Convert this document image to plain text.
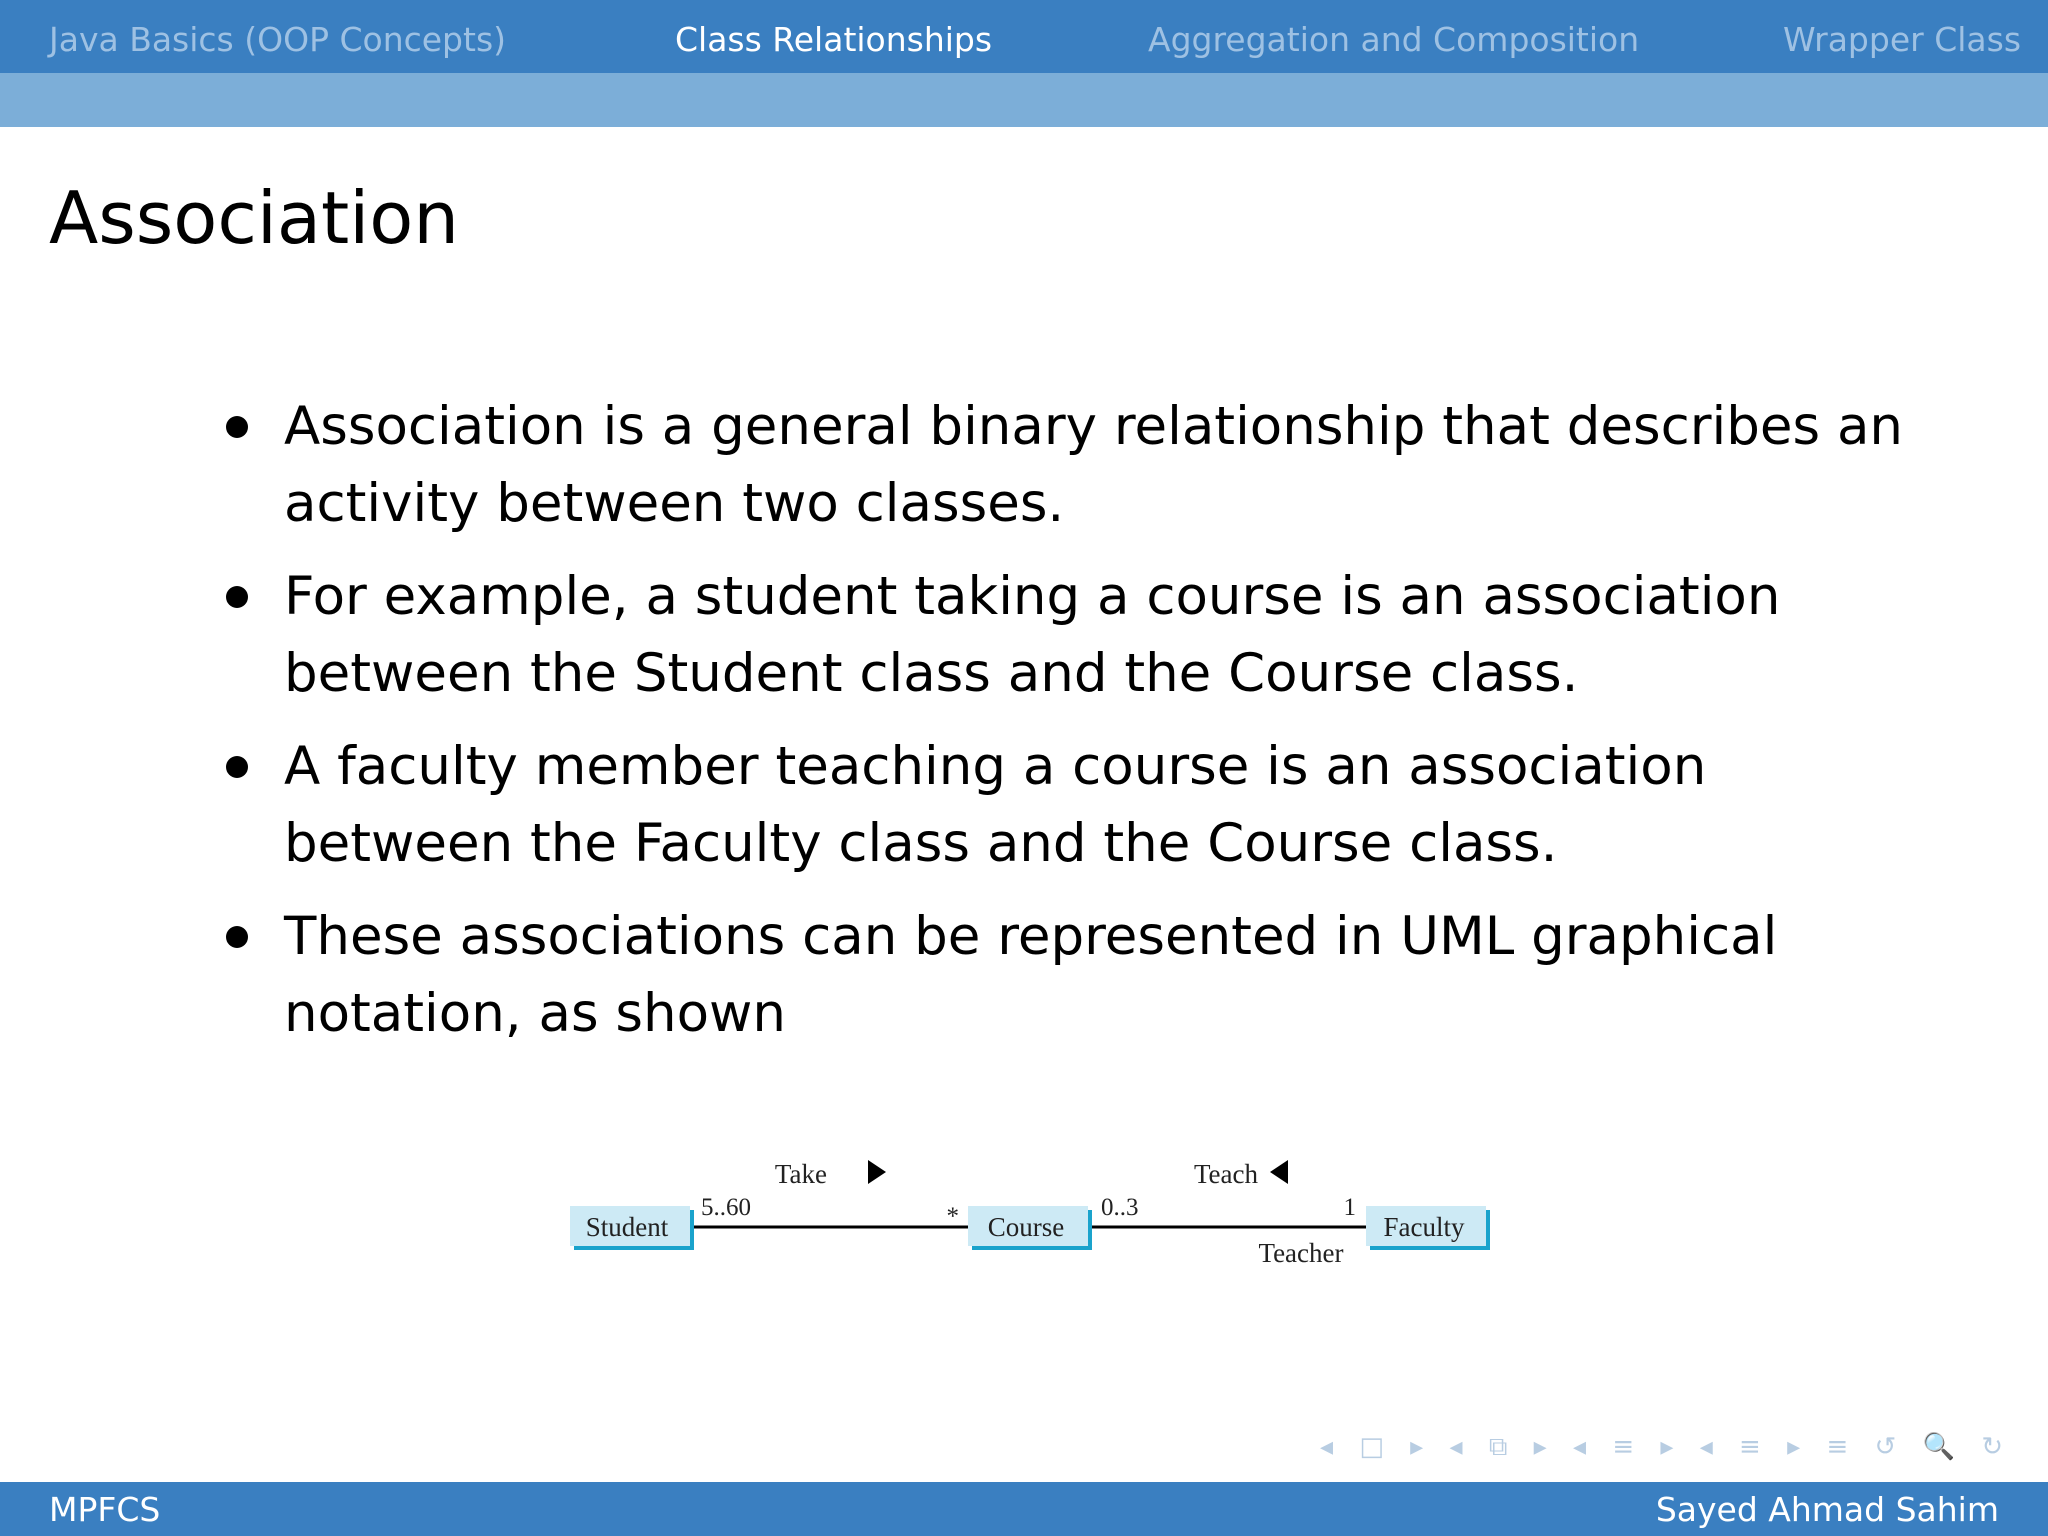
Java Basics (OOP Concepts)	Class Relationships	Aggregation and Composition	Wrapper Class
Association
Association is a general binary relationship that describes an activity between two classes.
For example, a student taking a course is an association between the Student class and the Course class.
A faculty member teaching a course is an association between the Faculty class and the Course class.
These associations can be represented in UML graphical notation, as shown
Student	Course	Faculty
Take
5..60	*
Teach
0..3	1
Teacher
◂ □ ▸ ◂ ⧉ ▸ ◂ ≡ ▸ ◂ ≡ ▸ ≡ ↺ 🔍 ↻
MPFCS	Sayed Ahmad Sahim
